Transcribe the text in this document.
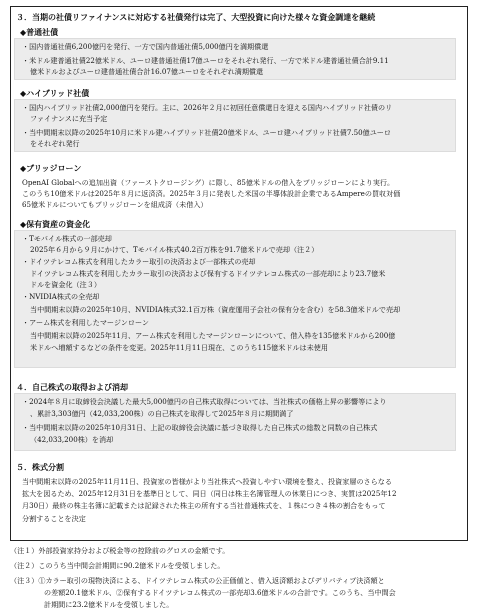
３．当期の社債リファイナンスに対応する社債発行は完了、大型投資に向けた様々な資金調達を継続
◆普通社債
・国内普通社債6,200億円を発行、一方で国内普通社債5,000億円を満期償還
・米ドル建普通社債22億米ドル、ユーロ建普通社債17億ユーロをそれぞれ発行、一方で米ドル建普通社債合計9.11
億米ドルおよびユーロ建普通社債合計16.07億ユーロをそれぞれ満期償還
◆ハイブリッド社債
・国内ハイブリッド社債2,000億円を発行。主に、2026年２月に初回任意償還日を迎える国内ハイブリッド社債のリ
ファイナンスに充当予定
・当中間期末以降の2025年10月に米ドル建ハイブリッド社債20億米ドル、ユーロ建ハイブリッド社債7.50億ユーロ
をそれぞれ発行
◆ブリッジローン
OpenAI Globalへの追加出資（ファーストクロージング）に際し、85億米ドルの借入をブリッジローンにより実行。
このうち10億米ドルは2025年８月に返済済。2025年３月に発表した米国の半導体設計企業であるAmpereの買収対価
65億米ドルについてもブリッジローンを組成済（未借入）
◆保有資産の資金化
・Tモバイル株式の一部売却
2025年６月から９月にかけて、Tモバイル株式40.2百万株を91.7億米ドルで売却（注２）
・ドイツテレコム株式を利用したカラー取引の決済および一部株式の売却
ドイツテレコム株式を利用したカラー取引の決済および保有するドイツテレコム株式の一部売却により23.7億米
ドルを資金化（注３）
・NVIDIA株式の全売却
当中間期末以降の2025年10月、NVIDIA株式32.1百万株（資産運用子会社の保有分を含む）を58.3億米ドルで売却
・アーム株式を利用したマージンローン
当中間期末以降の2025年11月、アーム株式を利用したマージンローンについて、借入枠を135億米ドルから200億
米ドルへ増額するなどの条件を変更。2025年11月11日現在、このうち115億米ドルは未使用
４．自己株式の取得および消却
・2024年８月に取締役会決議した最大5,000億円の自己株式取得については、当社株式の価格上昇の影響等により
、累計3,303億円（42,033,200株）の自己株式を取得して2025年８月に期間満了
・当中間期末以降の2025年10月31日、上記の取締役会決議に基づき取得した自己株式の総数と同数の自己株式
（42,033,200株）を消却
５．株式分割
当中間期末以降の2025年11月11日、投資家の皆様がより当社株式へ投資しやすい環境を整え、投資家層のさらなる
拡大を図るため、2025年12月31日を基準日として、同日（同日は株主名簿管理人の休業日につき、実質は2025年12
月30日）最終の株主名簿に記載または記録された株主の所有する当社普通株式を、１株につき４株の割合をもって
分割することを決定
（注１）外部投資家持分および税金等の控除前のグロスの金額です。
（注２）このうち当中間会計期間に90.2億米ドルを受領しました。
（注３）①カラー取引の現物決済による、ドイツテレコム株式の公正価値と、借入返済額およびデリバティブ決済額と
の差額20.1億米ドル、②保有するドイツテレコム株式の一部売却3.6億米ドルの合計です。このうち、当中間会
計期間に23.2億米ドルを受領しました。
